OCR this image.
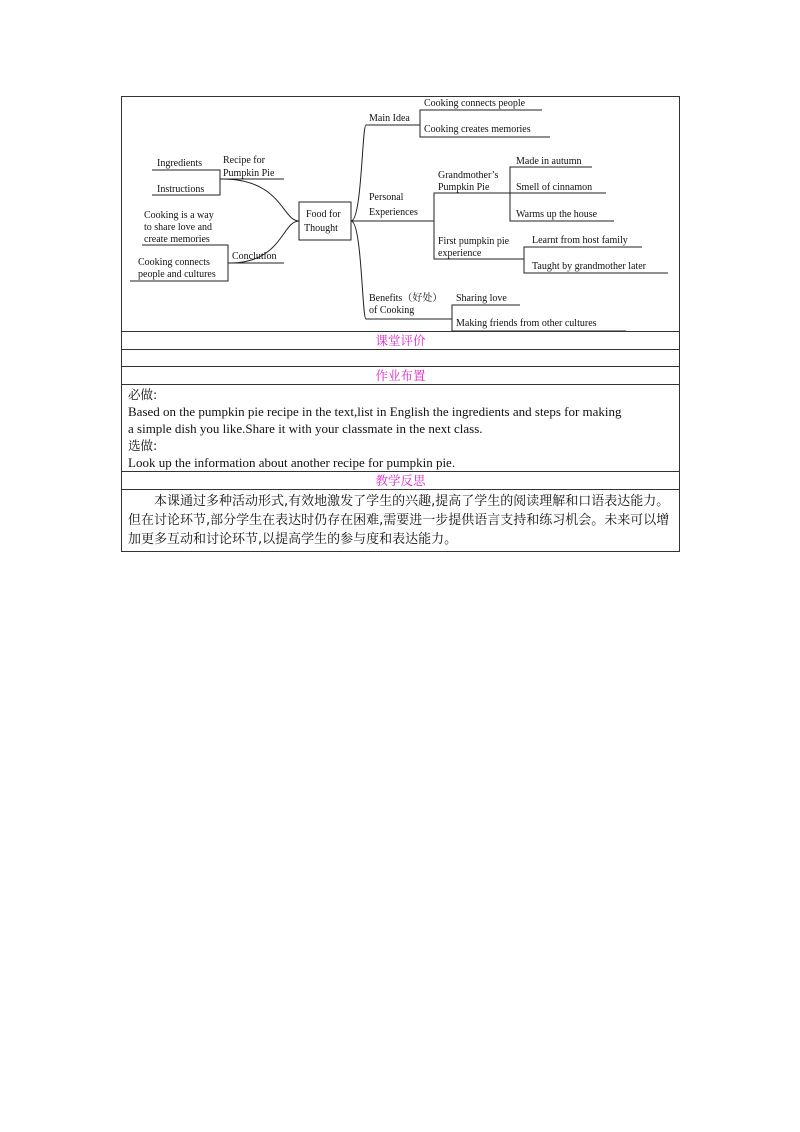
Food for
Thought
Recipe for
Pumpkin Pie
Ingredients
Instructions
Conclution
Cooking is a way
to share love and
create memories
Cooking connects
people and cultures
Main Idea
Cooking connects people
Cooking creates memories
Personal
Experiences
Grandmother’s
Pumpkin Pie
Made in autumn
Smell of cinnamon
Warms up the house
First pumpkin pie
experience
Learnt from host family
Taught by grandmother later
Benefits（好处）
of Cooking
Sharing love
Making friends from other cultures

课堂评价

作业布置

必做:
Based on the pumpkin pie recipe in the text,list in English the ingredients and steps for making
a simple dish you like.Share it with your classmate in the next class.
选做:
Look up the information about another recipe for pumpkin pie.

教学反思
本课通过多种活动形式,有效地激发了学生的兴趣,提高了学生的阅读理解和口语表达能力。但在讨论环节,部分学生在表达时仍存在困难,需要进一步提供语言支持和练习机会。未来可以增加更多互动和讨论环节,以提高学生的参与度和表达能力。
